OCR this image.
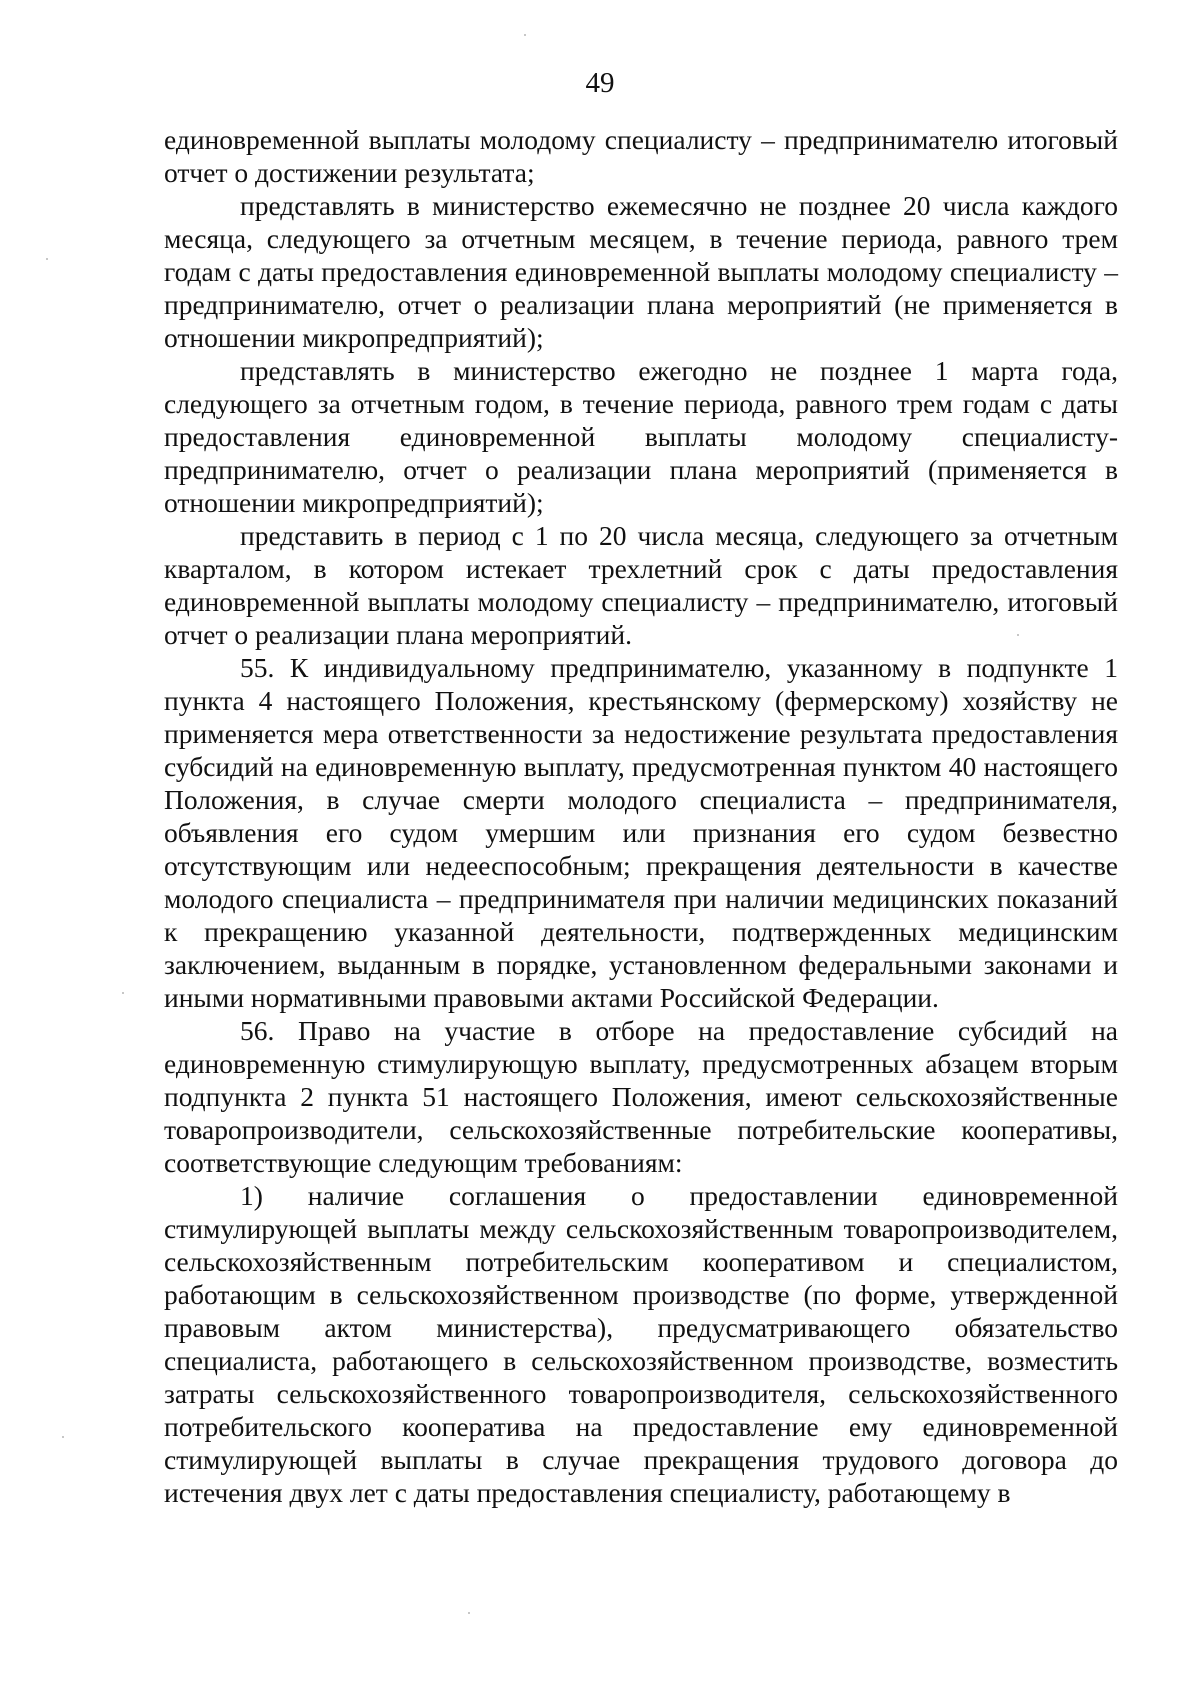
49

единовременной выплаты молодому специалисту – предпринимателю итоговый отчет о достижении результата;

представлять в министерство ежемесячно не позднее 20 числа каждого месяца, следующего за отчетным месяцем, в течение периода, равного трем годам с даты предоставления единовременной выплаты молодому специалисту – предпринимателю, отчет о реализации плана мероприятий (не применяется в отношении микропредприятий);

представлять в министерство ежегодно не позднее 1 марта года, следующего за отчетным годом, в течение периода, равного трем годам с даты предоставления единовременной выплаты молодому специалисту-предпринимателю, отчет о реализации плана мероприятий (применяется в отношении микропредприятий);

представить в период с 1 по 20 числа месяца, следующего за отчетным кварталом, в котором истекает трехлетний срок с даты предоставления единовременной выплаты молодому специалисту – предпринимателю, итоговый отчет о реализации плана мероприятий.

55. К индивидуальному предпринимателю, указанному в подпункте 1 пункта 4 настоящего Положения, крестьянскому (фермерскому) хозяйству не применяется мера ответственности за недостижение результата предоставления субсидий на единовременную выплату, предусмотренная пунктом 40 настоящего Положения, в случае смерти молодого специалиста – предпринимателя, объявления его судом умершим или признания его судом безвестно отсутствующим или недееспособным; прекращения деятельности в качестве молодого специалиста – предпринимателя при наличии медицинских показаний к прекращению указанной деятельности, подтвержденных медицинским заключением, выданным в порядке, установленном федеральными законами и иными нормативными правовыми актами Российской Федерации.

56. Право на участие в отборе на предоставление субсидий на единовременную стимулирующую выплату, предусмотренных абзацем вторым подпункта 2 пункта 51 настоящего Положения, имеют сельскохозяйственные товаропроизводители, сельскохозяйственные потребительские кооперативы, соответствующие следующим требованиям:

1) наличие соглашения о предоставлении единовременной стимулирующей выплаты между сельскохозяйственным товаропроизводителем, сельскохозяйственным потребительским кооперативом и специалистом, работающим в сельскохозяйственном производстве (по форме, утвержденной правовым актом министерства), предусматривающего обязательство специалиста, работающего в сельскохозяйственном производстве, возместить затраты сельскохозяйственного товаропроизводителя, сельскохозяйственного потребительского кооператива на предоставление ему единовременной стимулирующей выплаты в случае прекращения трудового договора до истечения двух лет с даты предоставления специалисту, работающему в
